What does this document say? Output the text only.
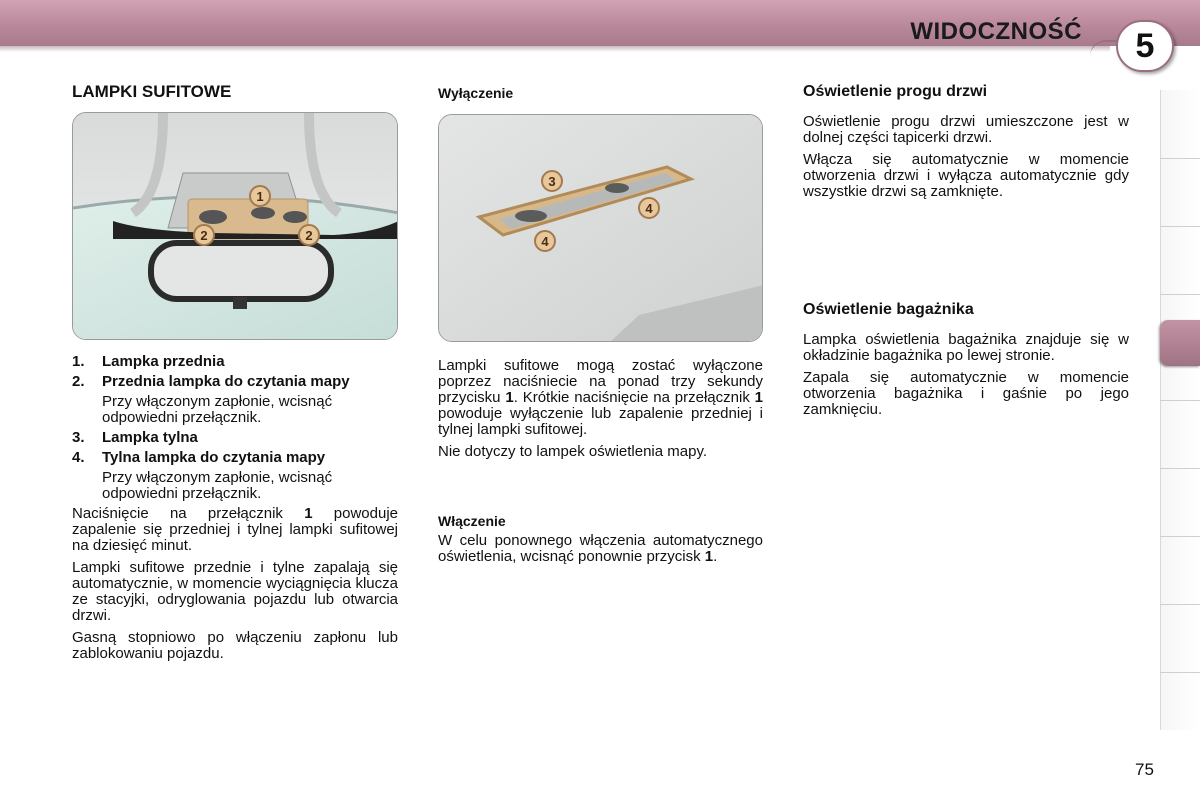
WIDOCZNOŚĆ	5
LAMPKI SUFITOWE
1
2	2
1.	Lampka przednia
2.	Przednia lampka do czytania mapy

Przy włączonym zapłonie, wcisnąć odpowiedni przełącznik.

3.	Lampka tylna
4.	Tylna lampka do czytania mapy

Przy włączonym zapłonie, wcisnąć odpowiedni przełącznik.

Naciśnięcie na przełącznik 1 powoduje zapalenie się przedniej i tylnej lampki sufitowej na dziesięć minut.

Lampki sufitowe przednie i tylne zapalają się automatycznie, w momencie wyciągnięcia klucza ze stacyjki, odryglowania pojazdu lub otwarcia drzwi.

Gasną stopniowo po włączeniu zapłonu lub zablokowaniu pojazdu.

Wyłączenie
3
4
4

Lampki sufitowe mogą zostać wyłączone poprzez naciśniecie na ponad trzy sekundy przycisku 1. Krótkie naciśnięcie na przełącznik 1 powoduje wyłączenie lub zapalenie przedniej i tylnej lampki sufitowej.

Nie dotyczy to lampek oświetlenia mapy.

Włączenie

W celu ponownego włączenia automatycznego oświetlenia, wcisnąć ponownie przycisk 1.

Oświetlenie progu drzwi

Oświetlenie progu drzwi umieszczone jest w dolnej części tapicerki drzwi.

Włącza się automatycznie w momencie otworzenia drzwi i wyłącza automatycznie gdy wszystkie drzwi są zamknięte.

Oświetlenie bagażnika

Lampka oświetlenia bagażnika znajduje się w okładzinie bagażnika po lewej stronie.

Zapala się automatycznie w momencie otworzenia bagażnika i gaśnie po jego zamknięciu.

75
